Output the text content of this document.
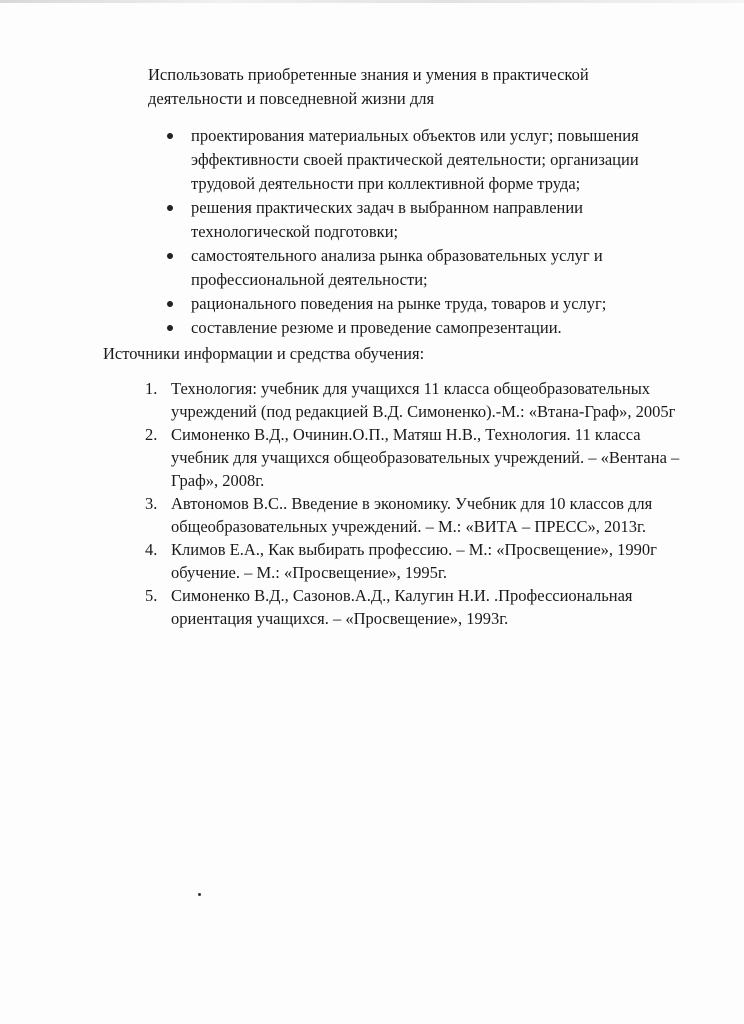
Использовать приобретенные знания и умения в практической деятельности и повседневной жизни для

проектирования материальных объектов или услуг; повышения эффективности своей практической деятельности; организации трудовой деятельности при коллективной форме труда;
решения практических задач в выбранном направлении технологической подготовки;
самостоятельного анализа рынка образовательных услуг и профессиональной деятельности;
рационального поведения на рынке труда, товаров и услуг;
составление резюме и проведение самопрезентации.

Источники информации и средства обучения:

1. Технология: учебник для учащихся 11 класса общеобразовательных учреждений (под редакцией В.Д. Симоненко).-М.: «Втана-Граф», 2005г
2. Симоненко В.Д., Очинин.О.П., Матяш Н.В., Технология. 11 класса учебник для учащихся общеобразовательных учреждений. – «Вентана – Граф», 2008г.
3. Автономов В.С.. Введение в экономику. Учебник для 10 классов для общеобразовательных учреждений. – М.: «ВИТА – ПРЕСС», 2013г.
4. Климов Е.А., Как выбирать профессию. – М.: «Просвещение», 1990г обучение. – М.: «Просвещение», 1995г.
5. Симоненко В.Д., Сазонов.А.Д., Калугин Н.И. .Профессиональная ориентация учащихся. – «Просвещение», 1993г.
